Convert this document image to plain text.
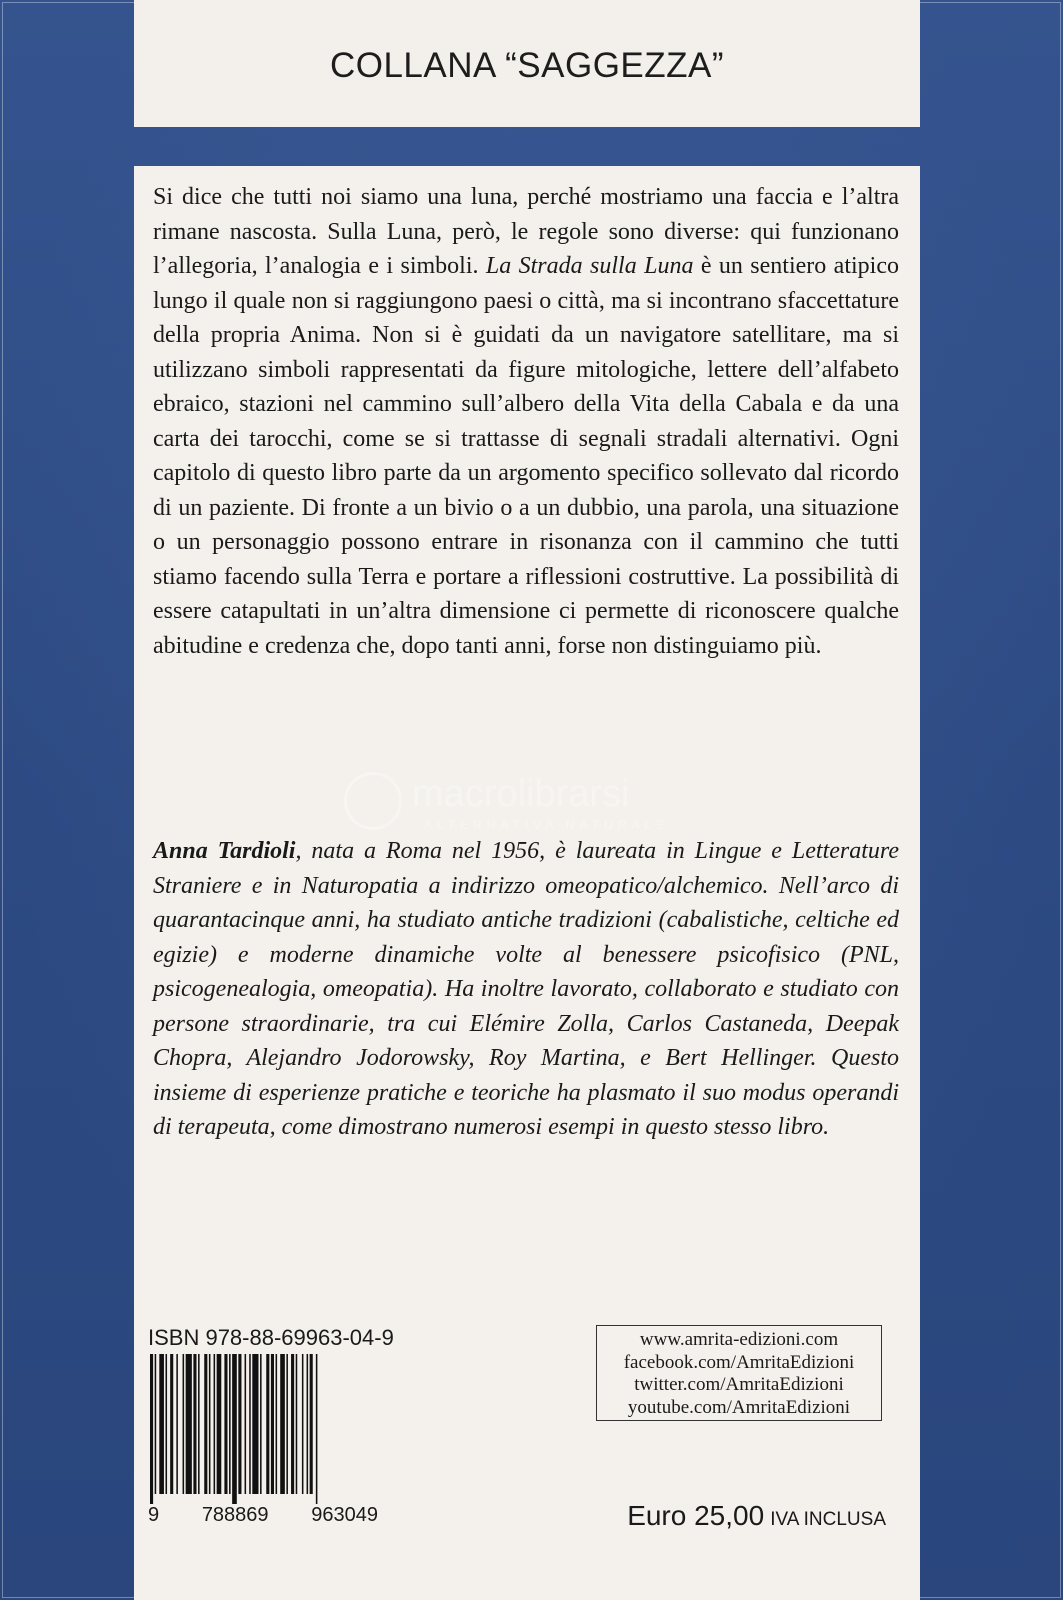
COLLANA “SAGGEZZA”

Si dice che tutti noi siamo una luna, perché mostriamo una faccia e l’altra rimane nascosta. Sulla Luna, però, le regole sono diverse: qui funzionano l’allegoria, l’analogia e i simboli. La Strada sulla Luna è un sentiero atipico lungo il quale non si raggiungono paesi o città, ma si incontrano sfaccettature della propria Anima. Non si è guidati da un navigatore satellitare, ma si utilizzano simboli rappresentati da figure mitologiche, lettere dell’alfabeto ebraico, stazioni nel cammino sull’albero della Vita della Cabala e da una carta dei tarocchi, come se si trattasse di segnali stradali alternativi. Ogni capitolo di questo libro parte da un argomento specifico sollevato dal ricordo di un paziente. Di fronte a un bivio o a un dubbio, una parola, una situazione o un personaggio possono entrare in risonanza con il cammino che tutti stiamo facendo sulla Terra e portare a riflessioni costruttive. La possibilità di essere catapultati in un’altra dimensione ci permette di riconoscere qualche abitudine e credenza che, dopo tanti anni, forse non distinguiamo più.

macrolibrarsi
ALTERNATIVA NATURALE

Anna Tardioli, nata a Roma nel 1956, è laureata in Lingue e Letterature Straniere e in Naturopatia a indirizzo omeopatico/alchemico. Nell’arco di quarantacinque anni, ha studiato antiche tradizioni (cabalistiche, celtiche ed egizie) e moderne dinamiche volte al benessere psicofisico (PNL, psicogenealogia, omeopatia). Ha inoltre lavorato, collaborato e studiato con persone straordinarie, tra cui Elémire Zolla, Carlos Castaneda, Deepak Chopra, Alejandro Jodorowsky, Roy Martina, e Bert Hellinger. Questo insieme di esperienze pratiche e teoriche ha plasmato il suo modus operandi di terapeuta, come dimostrano numerosi esempi in questo stesso libro.

ISBN 978-88-69963-04-9
9 788869 963049
www.amrita-edizioni.com
facebook.com/AmritaEdizioni
twitter.com/AmritaEdizioni
youtube.com/AmritaEdizioni
Euro 25,00 IVA INCLUSA
